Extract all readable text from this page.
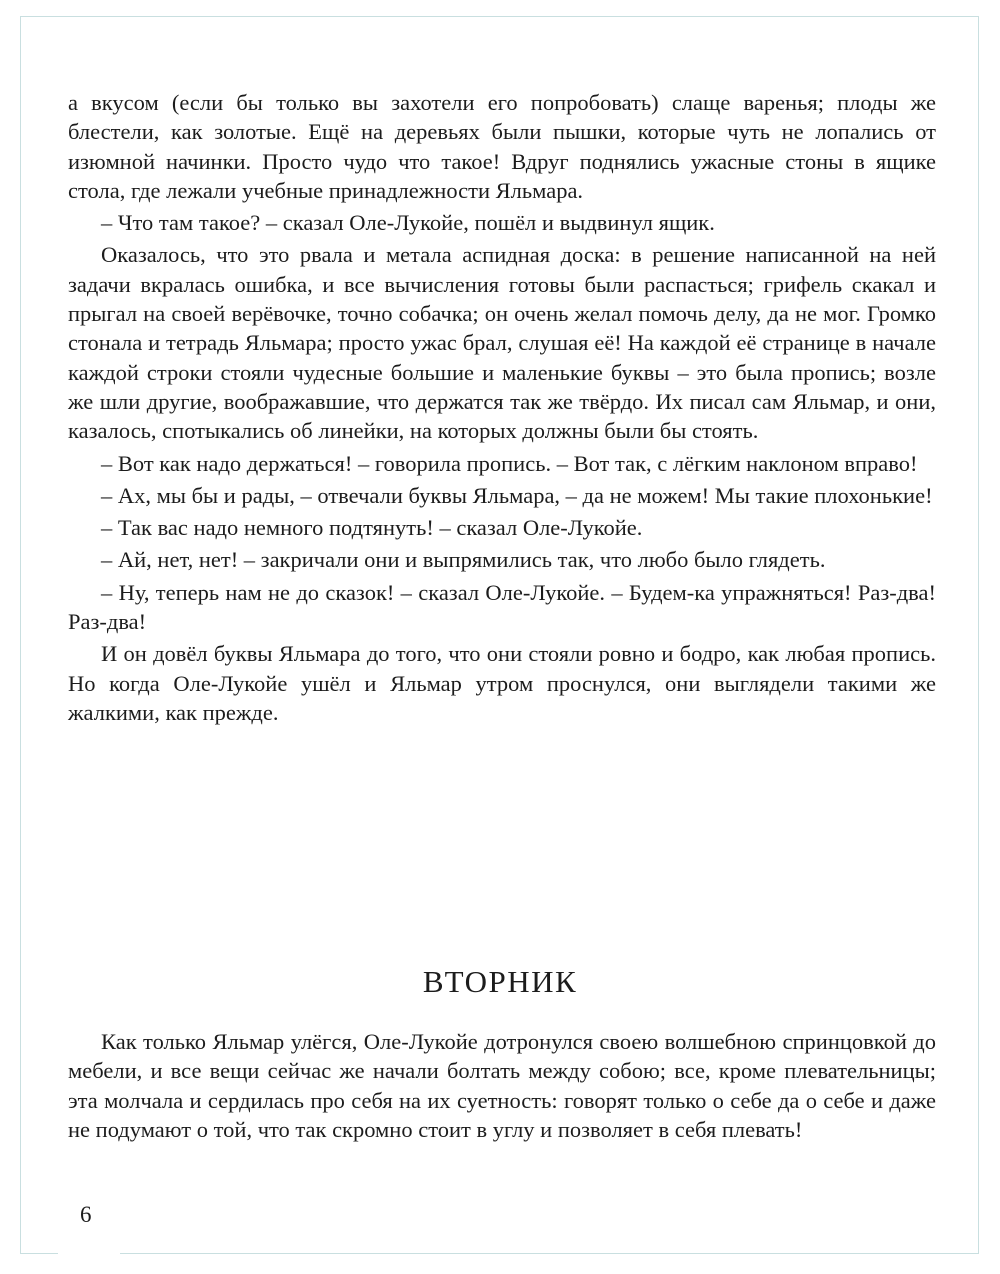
а вкусом (если бы только вы захотели его попробовать) слаще варенья; плоды же блестели, как золотые. Ещё на деревьях были пышки, которые чуть не лопались от изюмной начинки. Просто чудо что такое! Вдруг поднялись ужасные стоны в ящике стола, где лежали учебные принадлежности Яльмара.

– Что там такое? – сказал Оле-Лукойе, пошёл и выдвинул ящик.

Оказалось, что это рвала и метала аспидная доска: в решение написанной на ней задачи вкралась ошибка, и все вычисления готовы были распасться; грифель скакал и прыгал на своей верёвочке, точно собачка; он очень желал помочь делу, да не мог. Громко стонала и тетрадь Яльмара; просто ужас брал, слушая её! На каждой её странице в начале каждой строки стояли чудесные большие и маленькие буквы – это была пропись; возле же шли другие, воображавшие, что держатся так же твёрдо. Их писал сам Яльмар, и они, казалось, спотыкались об линейки, на которых должны были бы стоять.

– Вот как надо держаться! – говорила пропись. – Вот так, с лёгким наклоном вправо!

– Ах, мы бы и рады, – отвечали буквы Яльмара, – да не можем! Мы такие плохонькие!

– Так вас надо немного подтянуть! – сказал Оле-Лукойе.

– Ай, нет, нет! – закричали они и выпрямились так, что любо было глядеть.

– Ну, теперь нам не до сказок! – сказал Оле-Лукойе. – Будем-ка упражняться! Раз-два! Раз-два!

И он довёл буквы Яльмара до того, что они стояли ровно и бодро, как любая пропись. Но когда Оле-Лукойе ушёл и Яльмар утром проснулся, они выглядели такими же жалкими, как прежде.

ВТОРНИК

Как только Яльмар улёгся, Оле-Лукойе дотронулся своею волшебною спринцовкой до мебели, и все вещи сейчас же начали болтать между собою; все, кроме плевательницы; эта молчала и сердилась про себя на их суетность: говорят только о себе да о себе и даже не подумают о той, что так скромно стоит в углу и позволяет в себя плевать!

6
